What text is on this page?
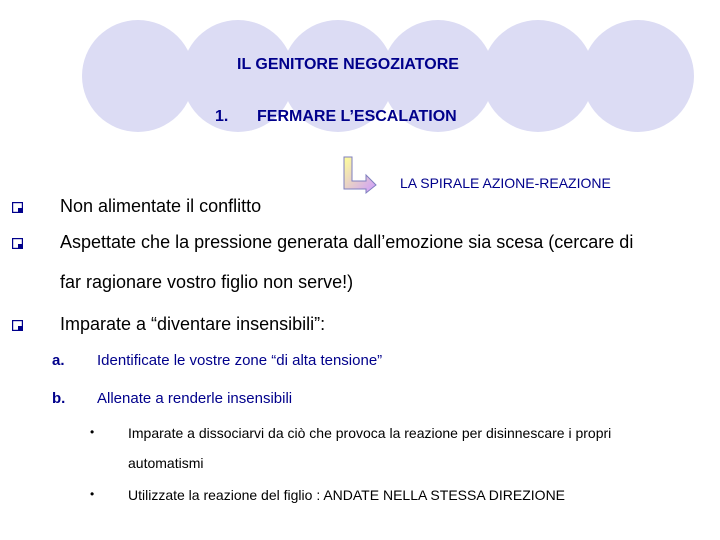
IL GENITORE NEGOZIATORE
1. FERMARE L’ESCALATION
LA SPIRALE AZIONE-REAZIONE
Non alimentate il conflitto
Aspettate che la pressione generata dall’emozione sia scesa (cercare di
far ragionare vostro figlio non serve!)
Imparate a “diventare insensibili”:
a. Identificate le vostre zone “di alta tensione”
b. Allenate a renderle insensibili
• Imparate a dissociarvi da ciò che provoca la reazione per disinnescare i propri
automatismi
• Utilizzate la reazione del figlio : ANDATE NELLA STESSA DIREZIONE
